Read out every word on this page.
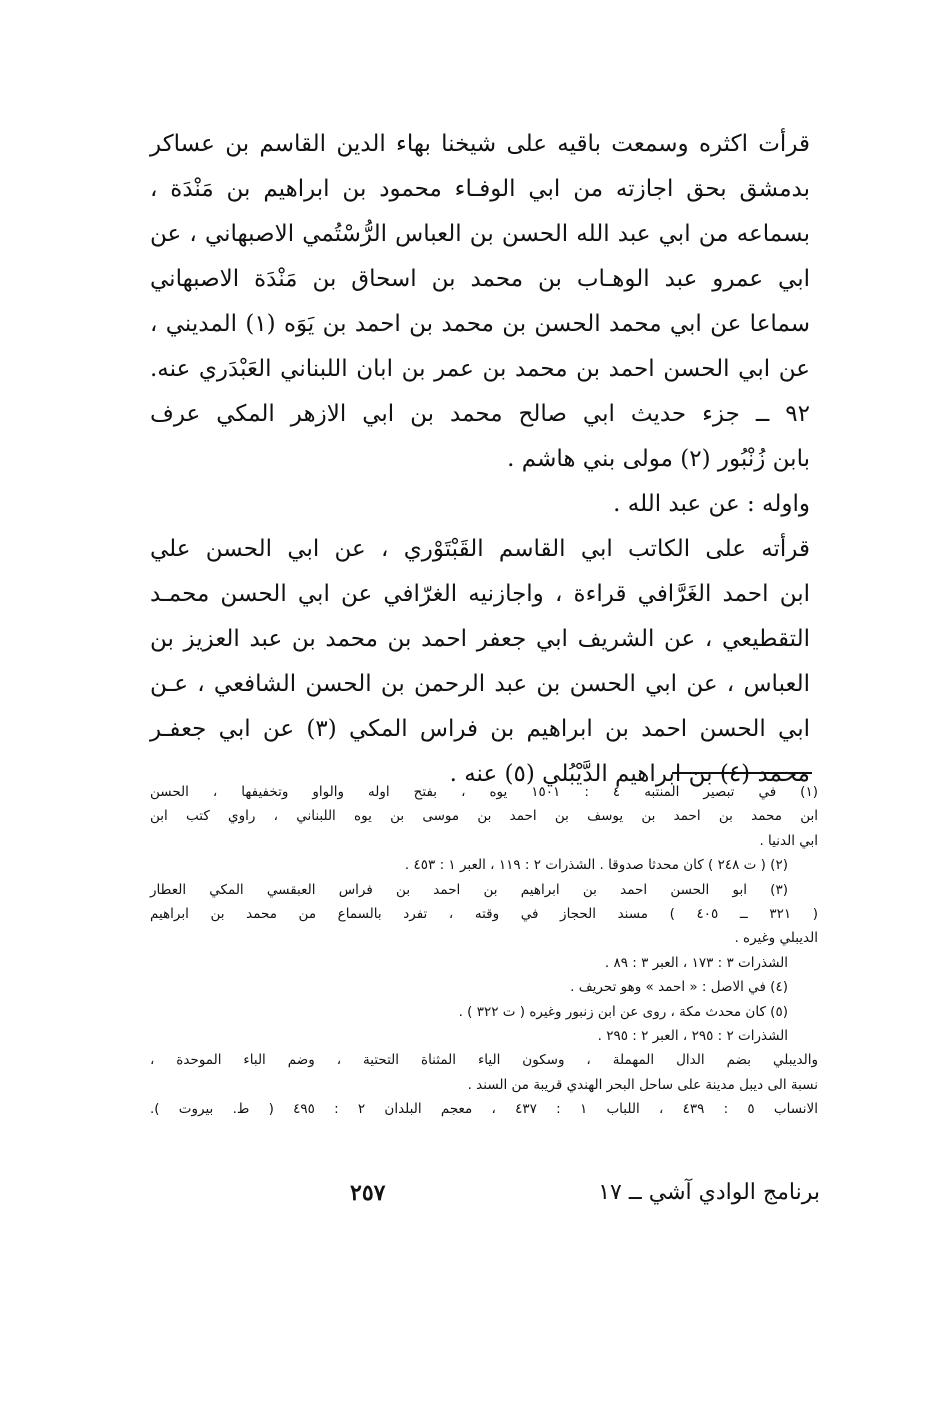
قرأت اكثره وسمعت باقيه على شيخنا بهاء الدين القاسم بن عساكر
بدمشق بحق اجازته من ابي الوفـاء محمود بن ابراهيم بن مَنْدَة ،
بسماعه من ابي عبد الله الحسن بن العباس الرُّسْتُمي الاصبهاني ، عن
ابي عمرو عبد الوهـاب بن محمد بن اسحاق بن مَنْدَة الاصبهاني
سماعا عن ابي محمد الحسن بن محمد بن احمد بن يَوَه (١) المديني ،
عن ابي الحسن احمد بن محمد بن عمر بن ابان اللبناني العَبْدَري عنه.
٩٢ ــ جزء حديث ابي صالح محمد بن ابي الازهر المكي عرف
بابن زُنْبُور (٢) مولى بني هاشم .
واوله : عن عبد الله .
قرأته على الكاتب ابي القاسم القَبْتَوْري ، عن ابي الحسن علي
ابن احمد الغَرَّافي قراءة ، واجازنيه الغرّافي عن ابي الحسن محمـد
التقطيعي ، عن الشريف ابي جعفر احمد بن محمد بن عبد العزيز بن
العباس ، عن ابي الحسن بن عبد الرحمن بن الحسن الشافعي ، عـن
ابي الحسن احمد بن ابراهيم بن فراس المكي (٣) عن ابي جعفـر
محمد (٤) بن ابراهيم الدَّيْبُلي (٥) عنه .
(١) في تبصير المنتبه ٤ : ١٥٠١ يوه ، بفتح اوله والواو وتخفيفها ، الحسن
ابن محمد بن احمد بن يوسف بن احمد بن موسى بن يوه اللبناني ، راوي كتب ابن
ابي الدنيا .
(٢) ( ت ٢٤٨ ) كان محدثا صدوقا . الشذرات ٢ : ١١٩ ، العبر ١ : ٤٥٣ .
(٣) ابو الحسن احمد بن ابراهيم بن احمد بن فراس العبقسي المكي العطار
( ٣٢١ ــ ٤٠٥ ) مسند الحجاز في وقته ، تفرد بالسماع من محمد بن ابراهيم
الديبلي وغيره .
الشذرات ٣ : ١٧٣ ، العبر ٣ : ٨٩ .
(٤) في الاصل : « احمد » وهو تحريف .
(٥) كان محدث مكة ، روى عن ابن زنبور وغيره ( ت ٣٢٢ ) .
الشذرات ٢ : ٢٩٥ ، العبر ٢ : ٢٩٥ .
والديبلي بضم الدال المهملة ، وسكون الياء المثناة التحتية ، وضم الباء الموحدة ،
نسبة الى ديبل مدينة على ساحل البحر الهندي قريبة من السند .
الانساب ٥ : ٤٣٩ ، اللباب ١ : ٤٣٧ ، معجم البلدان ٢ : ٤٩٥ ( ط. بيروت ).
برنامج الوادي آشي ــ ١٧
٢٥٧
